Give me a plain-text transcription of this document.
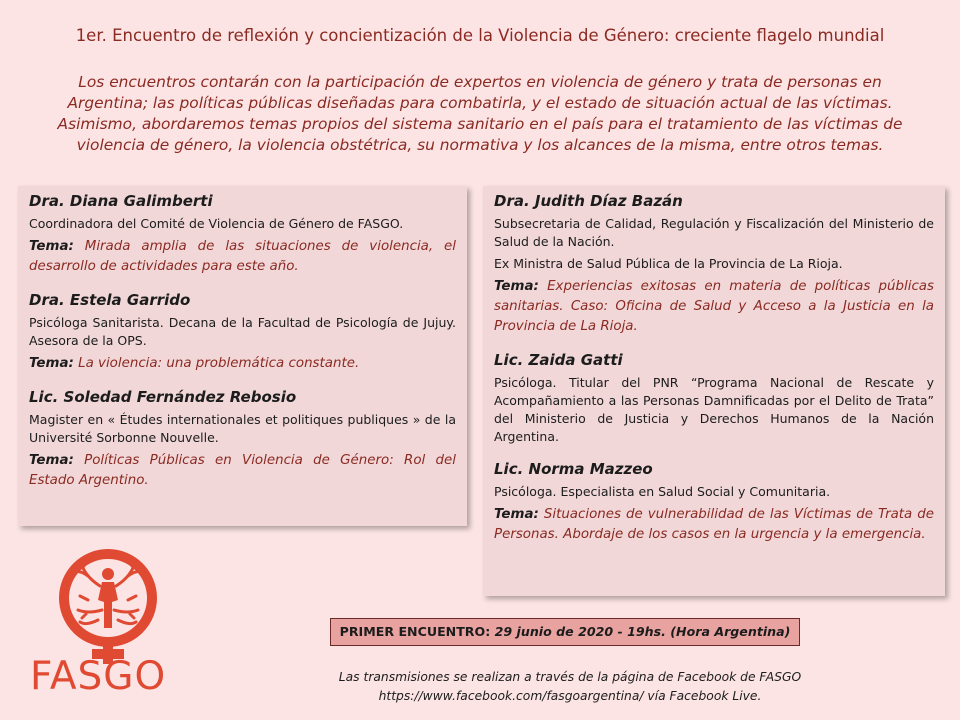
1er. Encuentro de reflexión y concientización de la Violencia de Género: creciente flagelo mundial
Los encuentros contarán con la participación de expertos en violencia de género y trata de personas en Argentina; las políticas públicas diseñadas para combatirla, y el estado de situación actual de las víctimas. Asimismo, abordaremos temas propios del sistema sanitario en el país para el tratamiento de las víctimas de violencia de género, la violencia obstétrica, su normativa y los alcances de la misma, entre otros temas.
Dra. Diana Galimberti

Coordinadora del Comité de Violencia de Género de FASGO.

Tema: Mirada amplia de las situaciones de violencia, el desarrollo de actividades para este año.

Dra. Estela Garrido

Psicóloga Sanitarista. Decana de la Facultad de Psicología de Jujuy. Asesora de la OPS.

Tema: La violencia: una problemática constante.

Lic. Soledad Fernández Rebosio

Magister en « Études internationales et politiques publiques » de la Université Sorbonne Nouvelle.

Tema: Políticas Públicas en Violencia de Género: Rol del Estado Argentino.

Dra. Judith Díaz Bazán

Subsecretaria de Calidad, Regulación y Fiscalización del Ministerio de Salud de la Nación.

Ex Ministra de Salud Pública de la Provincia de La Rioja.

Tema: Experiencias exitosas en materia de políticas públicas sanitarias. Caso: Oficina de Salud y Acceso a la Justicia en la Provincia de La Rioja.

Lic. Zaida Gatti

Psicóloga. Titular del PNR “Programa Nacional de Rescate y Acompañamiento a las Personas Damnificadas por el Delito de Trata” del Ministerio de Justicia y Derechos Humanos de la Nación Argentina.

Lic. Norma Mazzeo

Psicóloga. Especialista en Salud Social y Comunitaria.

Tema: Situaciones de vulnerabilidad de las Víctimas de Trata de Personas. Abordaje de los casos en la urgencia y la emergencia.

FASGO
PRIMER ENCUENTRO: 29 junio de 2020 - 19hs. (Hora Argentina)
Las transmisiones se realizan a través de la página de Facebook de FASGO
https://www.facebook.com/fasgoargentina/ vía Facebook Live.
